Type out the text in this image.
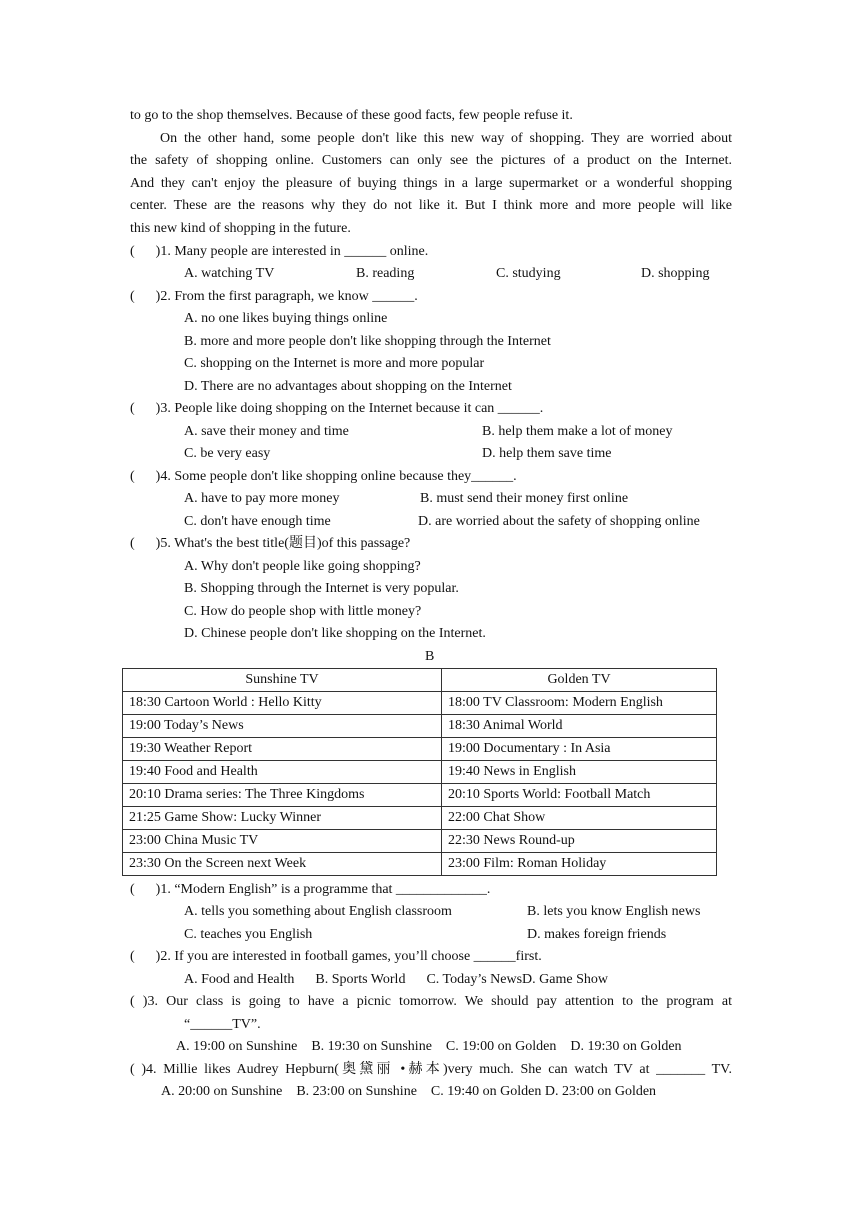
to go to the shop themselves. Because of these good facts, few people refuse it.
On the other hand, some people don't like this new way of shopping. They are worried about
the safety of shopping online. Customers can only see the pictures of a product on the Internet.
And they can't enjoy the pleasure of buying things in a large supermarket or a wonderful shopping
center. These are the reasons why they do not like it. But I think more and more people will like
this new kind of shopping in the future.
(      )1. Many people are interested in ______ online.
A. watching TV	B. reading	C. studying	D. shopping
(      )2. From the first paragraph, we know ______.
A. no one likes buying things online
B. more and more people don't like shopping through the Internet
C. shopping on the Internet is more and more popular
D. There are no advantages about shopping on the Internet
(      )3. People like doing shopping on the Internet because it can ______.
A. save their money and time	B. help them make a lot of money
C. be very easy	D. help them save time
(      )4. Some people don't like shopping online because they______.
A. have to pay more money	B. must send their money first online
C. don't have enough time	D. are worried about the safety of shopping online
(      )5. What's the best title(题目)of this passage?
A. Why don't people like going shopping?
B. Shopping through the Internet is very popular.
C. How do people shop with little money?
D. Chinese people don't like shopping on the Internet.
B
Sunshine TV	Golden TV
18:30 Cartoon World : Hello Kitty	18:00 TV Classroom: Modern English
19:00 Today’s News	18:30 Animal World
19:30 Weather Report	19:00 Documentary : In Asia
19:40 Food and Health	19:40 News in English
20:10 Drama series: The Three Kingdoms	20:10 Sports World: Football Match
21:25 Game Show: Lucky Winner	22:00 Chat Show
23:00 China Music TV	22:30 News Round-up
23:30 On the Screen next Week	23:00 Film: Roman Holiday
(      )1. “Modern English” is a programme that _____________.
A. tells you something about English classroom	B. lets you know English news
C. teaches you English	D. makes foreign friends
(      )2. If you are interested in football games, you’ll choose ______first.
A. Food and Health      B. Sports World      C. Today’s NewsD. Game Show
( )3. Our class is going to have a picnic tomorrow. We should pay attention to the program at
“______TV”.
A. 19:00 on Sunshine    B. 19:30 on Sunshine    C. 19:00 on Golden    D. 19:30 on Golden
( )4. Millie likes Audrey Hepburn(奥黛丽 •赫本)very much. She can watch TV at _______ TV.
A. 20:00 on Sunshine    B. 23:00 on Sunshine    C. 19:40 on Golden D. 23:00 on Golden
